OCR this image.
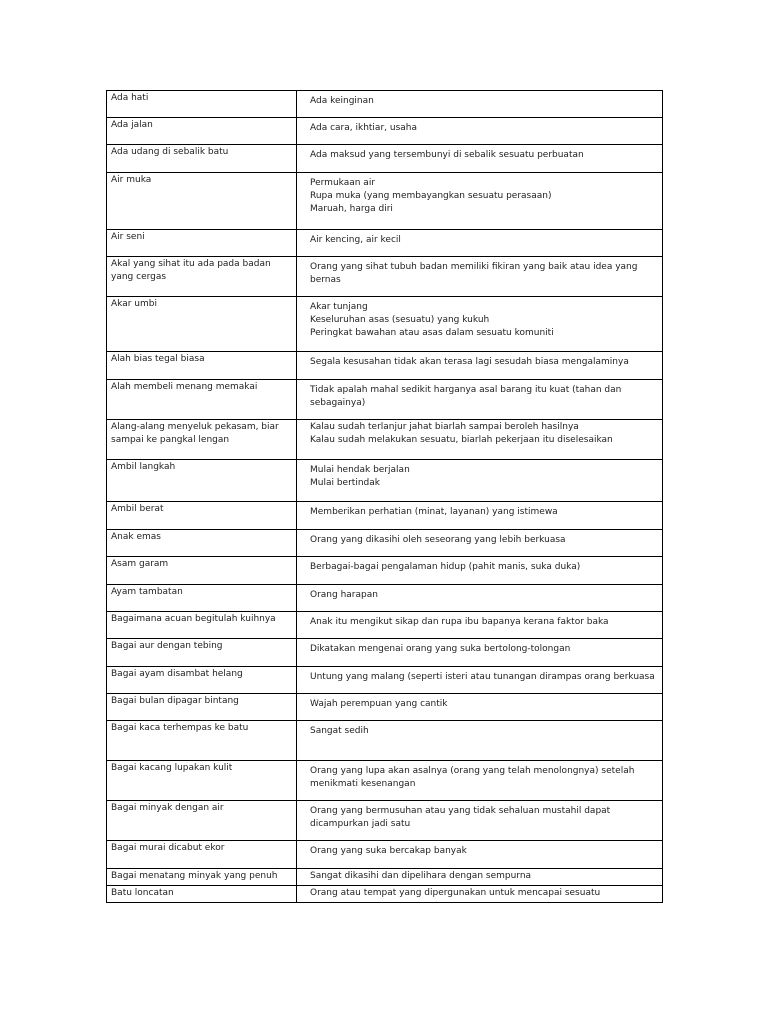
Ada hati	Ada keinginan

Ada jalan	Ada cara, ikhtiar, usaha

Ada udang di sebalik batu	Ada maksud yang tersembunyi di sebalik sesuatu perbuatan

Air muka	Permukaan air
Rupa muka (yang membayangkan sesuatu perasaan)
Maruah, harga diri

Air seni	Air kencing, air kecil

Akal yang sihat itu ada pada badan yang cergas	Orang yang sihat tubuh badan memiliki fikiran yang baik atau idea yang bernas

Akar umbi	Akar tunjang
Keseluruhan asas (sesuatu) yang kukuh
Peringkat bawahan atau asas dalam sesuatu komuniti

Alah bias tegal biasa	Segala kesusahan tidak akan terasa lagi sesudah biasa mengalaminya

Alah membeli menang memakai	Tidak apalah mahal sedikit harganya asal barang itu kuat (tahan dan sebagainya)

Alang-alang menyeluk pekasam, biar sampai ke pangkal lengan	Kalau sudah terlanjur jahat biarlah sampai beroleh hasilnya
Kalau sudah melakukan sesuatu, biarlah pekerjaan itu diselesaikan

Ambil langkah	Mulai hendak berjalan
Mulai bertindak

Ambil berat	Memberikan perhatian (minat, layanan) yang istimewa

Anak emas	Orang yang dikasihi oleh seseorang yang lebih berkuasa

Asam garam	Berbagai-bagai pengalaman hidup (pahit manis, suka duka)

Ayam tambatan	Orang harapan

Bagaimana acuan begitulah kuihnya	Anak itu mengikut sikap dan rupa ibu bapanya kerana faktor baka

Bagai aur dengan tebing	Dikatakan mengenai orang yang suka bertolong-tolongan

Bagai ayam disambat helang	Untung yang malang (seperti isteri atau tunangan dirampas orang berkuasa

Bagai bulan dipagar bintang	Wajah perempuan yang cantik

Bagai kaca terhempas ke batu	Sangat sedih

Bagai kacang lupakan kulit	Orang yang lupa akan asalnya (orang yang telah menolongnya) setelah menikmati kesenangan

Bagai minyak dengan air	Orang yang bermusuhan atau yang tidak sehaluan mustahil dapat dicampurkan jadi satu

Bagai murai dicabut ekor	Orang yang suka bercakap banyak

Bagai menatang minyak yang penuh	Sangat dikasihi dan dipelihara dengan sempurna

Batu loncatan	Orang atau tempat yang dipergunakan untuk mencapai sesuatu
